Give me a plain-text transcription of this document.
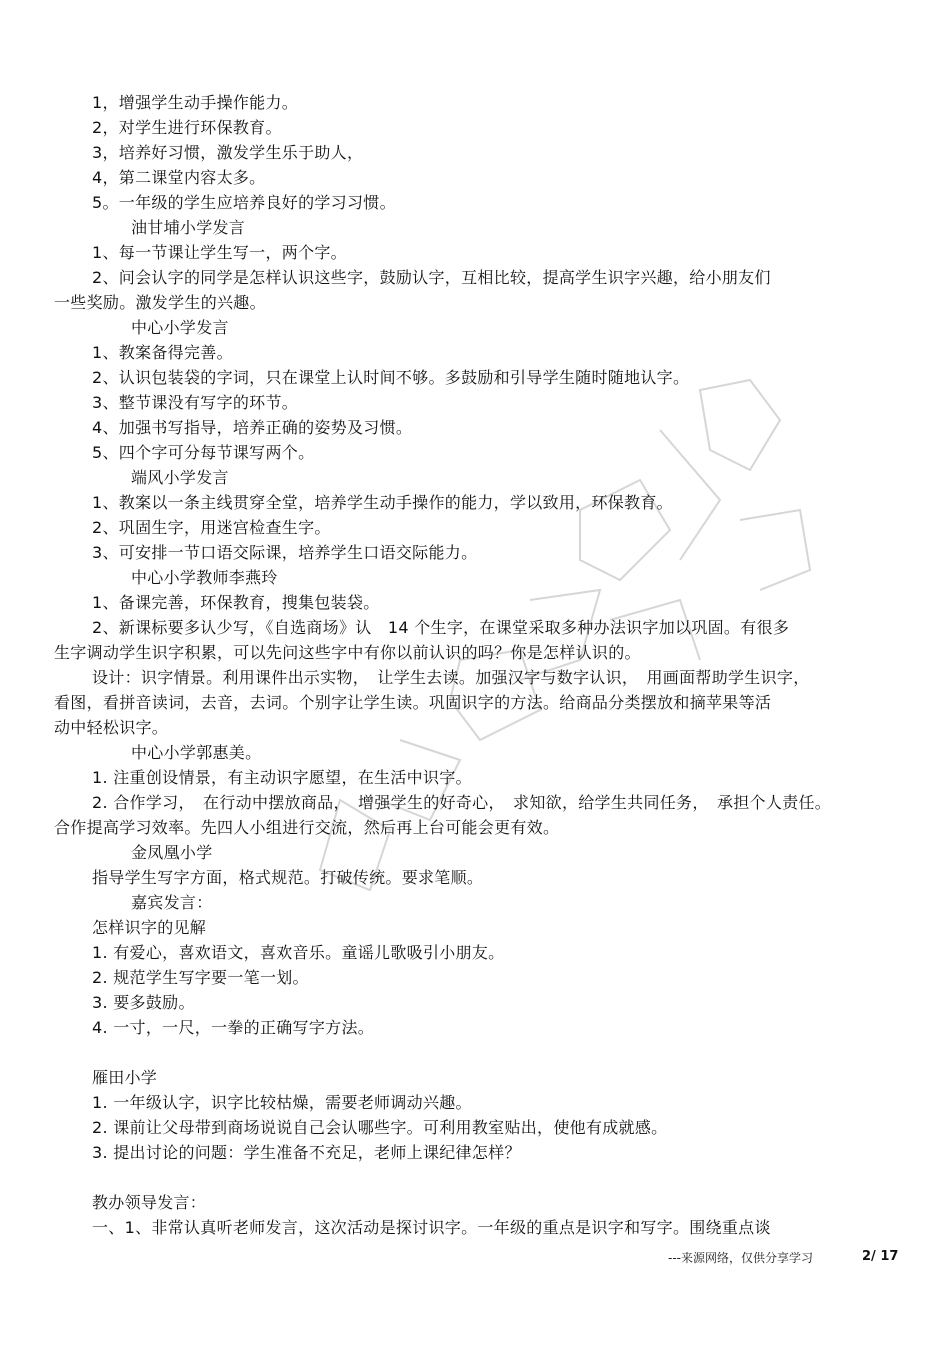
1，增强学生动手操作能力。
2，对学生进行环保教育。
3，培养好习惯，激发学生乐于助人，
4，第二课堂内容太多。
5。一年级的学生应培养良好的学习习惯。
油甘埔小学发言
1、每一节课让学生写一，两个字。
2、问会认字的同学是怎样认识这些字，鼓励认字，互相比较，提高学生识字兴趣，给小朋友们
一些奖励。激发学生的兴趣。
中心小学发言
1、教案备得完善。
2、认识包装袋的字词，只在课堂上认时间不够。多鼓励和引导学生随时随地认字。
3、整节课没有写字的环节。
4、加强书写指导，培养正确的姿势及习惯。
5、四个字可分每节课写两个。
端风小学发言
1、教案以一条主线贯穿全堂，培养学生动手操作的能力，学以致用，环保教育。
2、巩固生字，用迷宫检查生字。
3、可安排一节口语交际课，培养学生口语交际能力。
中心小学教师李燕玲
1、备课完善，环保教育，搜集包装袋。
2、新课标要多认少写，《自选商场》认　14 个生字，在课堂采取多种办法识字加以巩固。有很多
生字调动学生识字积累，可以先问这些字中有你以前认识的吗？你是怎样认识的。
设计：识字情景。利用课件出示实物，　让学生去读。加强汉字与数字认识，　用画面帮助学生识字，
看图，看拼音读词，去音，去词。个别字让学生读。巩固识字的方法。给商品分类摆放和摘苹果等活
动中轻松识字。
中心小学郭惠美。
1. 注重创设情景，有主动识字愿望，在生活中识字。
2. 合作学习，　在行动中摆放商品，　增强学生的好奇心，　求知欲，给学生共同任务，　承担个人责任。
合作提高学习效率。先四人小组进行交流，然后再上台可能会更有效。
金凤凰小学
指导学生写字方面，格式规范。打破传统。要求笔顺。
嘉宾发言：
怎样识字的见解
1. 有爱心，喜欢语文，喜欢音乐。童谣儿歌吸引小朋友。
2. 规范学生写字要一笔一划。
3. 要多鼓励。
4. 一寸，一尺，一拳的正确写字方法。
雁田小学
1. 一年级认字，识字比较枯燥，需要老师调动兴趣。
2. 课前让父母带到商场说说自己会认哪些字。可利用教室贴出，使他有成就感。
3. 提出讨论的问题：学生准备不充足，老师上课纪律怎样？
教办领导发言：
一、1、非常认真听老师发言，这次活动是探讨识字。一年级的重点是识字和写字。围绕重点谈
---来源网络，仅供分享学习	2/ 17
